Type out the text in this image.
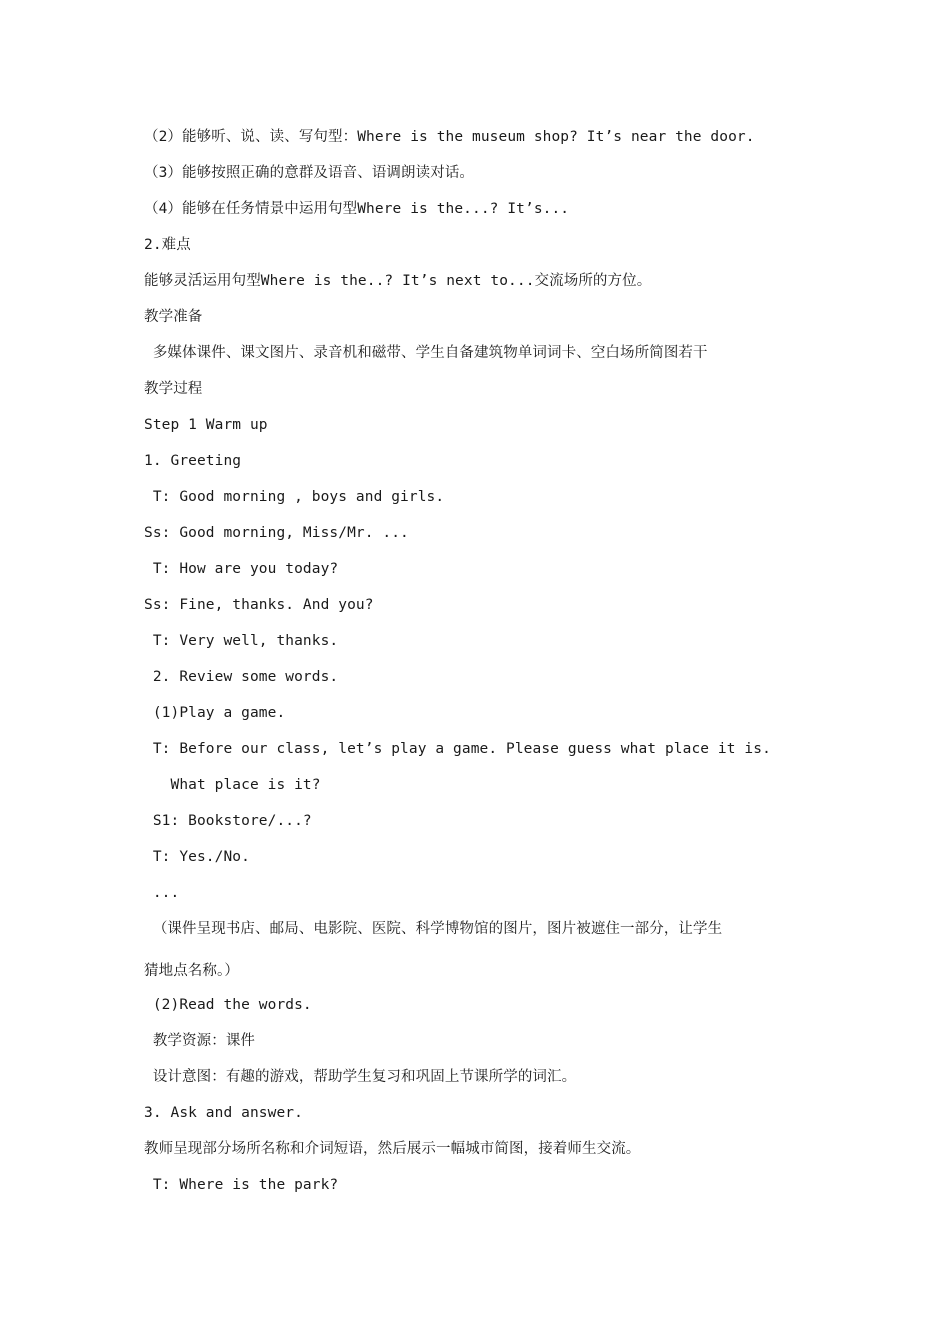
（2）能够听、说、读、写句型：Where is the museum shop? It’s near the door.
（3）能够按照正确的意群及语音、语调朗读对话。
（4）能够在任务情景中运用句型Where is the...? It’s...
2.难点
能够灵活运用句型Where is the..? It’s next to...交流场所的方位。
教学准备
多媒体课件、课文图片、录音机和磁带、学生自备建筑物单词词卡、空白场所简图若干
教学过程
Step 1 Warm up
1. Greeting
T: Good morning , boys and girls.
Ss: Good morning, Miss/Mr. ...
T: How are you today?
Ss: Fine, thanks. And you?
T: Very well, thanks.
2. Review some words.
(1)Play a game.
T: Before our class, let’s play a game. Please guess what place it is.
What place is it?
S1: Bookstore/...?
T: Yes./No.
...
（课件呈现书店、邮局、电影院、医院、科学博物馆的图片，图片被遮住一部分，让学生
猜地点名称。）
(2)Read the words.
教学资源：课件
设计意图：有趣的游戏，帮助学生复习和巩固上节课所学的词汇。
3. Ask and answer.
教师呈现部分场所名称和介词短语，然后展示一幅城市简图，接着师生交流。
T: Where is the park?
